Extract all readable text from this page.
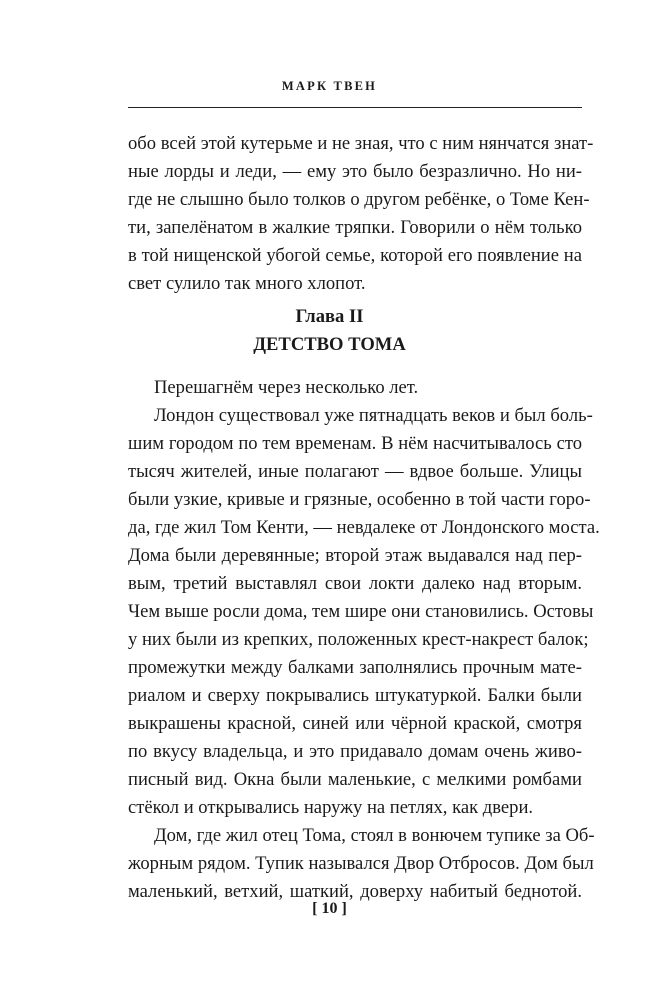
МАРК ТВЕН
обо всей этой кутерьме и не зная, что с ним нянчатся знат-
ные лорды и леди, — ему это было безразлично. Но ни-
где не слышно было толков о другом ребёнке, о Томе Кен-
ти, запелёнатом в жалкие тряпки. Говорили о нём только
в той нищенской убогой семье, которой его появление на
свет сулило так много хлопот.
Глава II
ДЕТСТВО ТОМА
Перешагнём через несколько лет.
Лондон существовал уже пятнадцать веков и был боль-
шим городом по тем временам. В нём насчитывалось сто
тысяч жителей, иные полагают — вдвое больше. Улицы
были узкие, кривые и грязные, особенно в той части горо-
да, где жил Том Кенти, — невдалеке от Лондонского моста.
Дома были деревянные; второй этаж выдавался над пер-
вым, третий выставлял свои локти далеко над вторым.
Чем выше росли дома, тем шире они становились. Остовы
у них были из крепких, положенных крест-накрест балок;
промежутки между балками заполнялись прочным мате-
риалом и сверху покрывались штукатуркой. Балки были
выкрашены красной, синей или чёрной краской, смотря
по вкусу владельца, и это придавало домам очень живо-
писный вид. Окна были маленькие, с мелкими ромбами
стёкол и открывались наружу на петлях, как двери.
Дом, где жил отец Тома, стоял в вонючем тупике за Об-
жорным рядом. Тупик назывался Двор Отбросов. Дом был
маленький, ветхий, шаткий, доверху набитый беднотой.
[ 10 ]
